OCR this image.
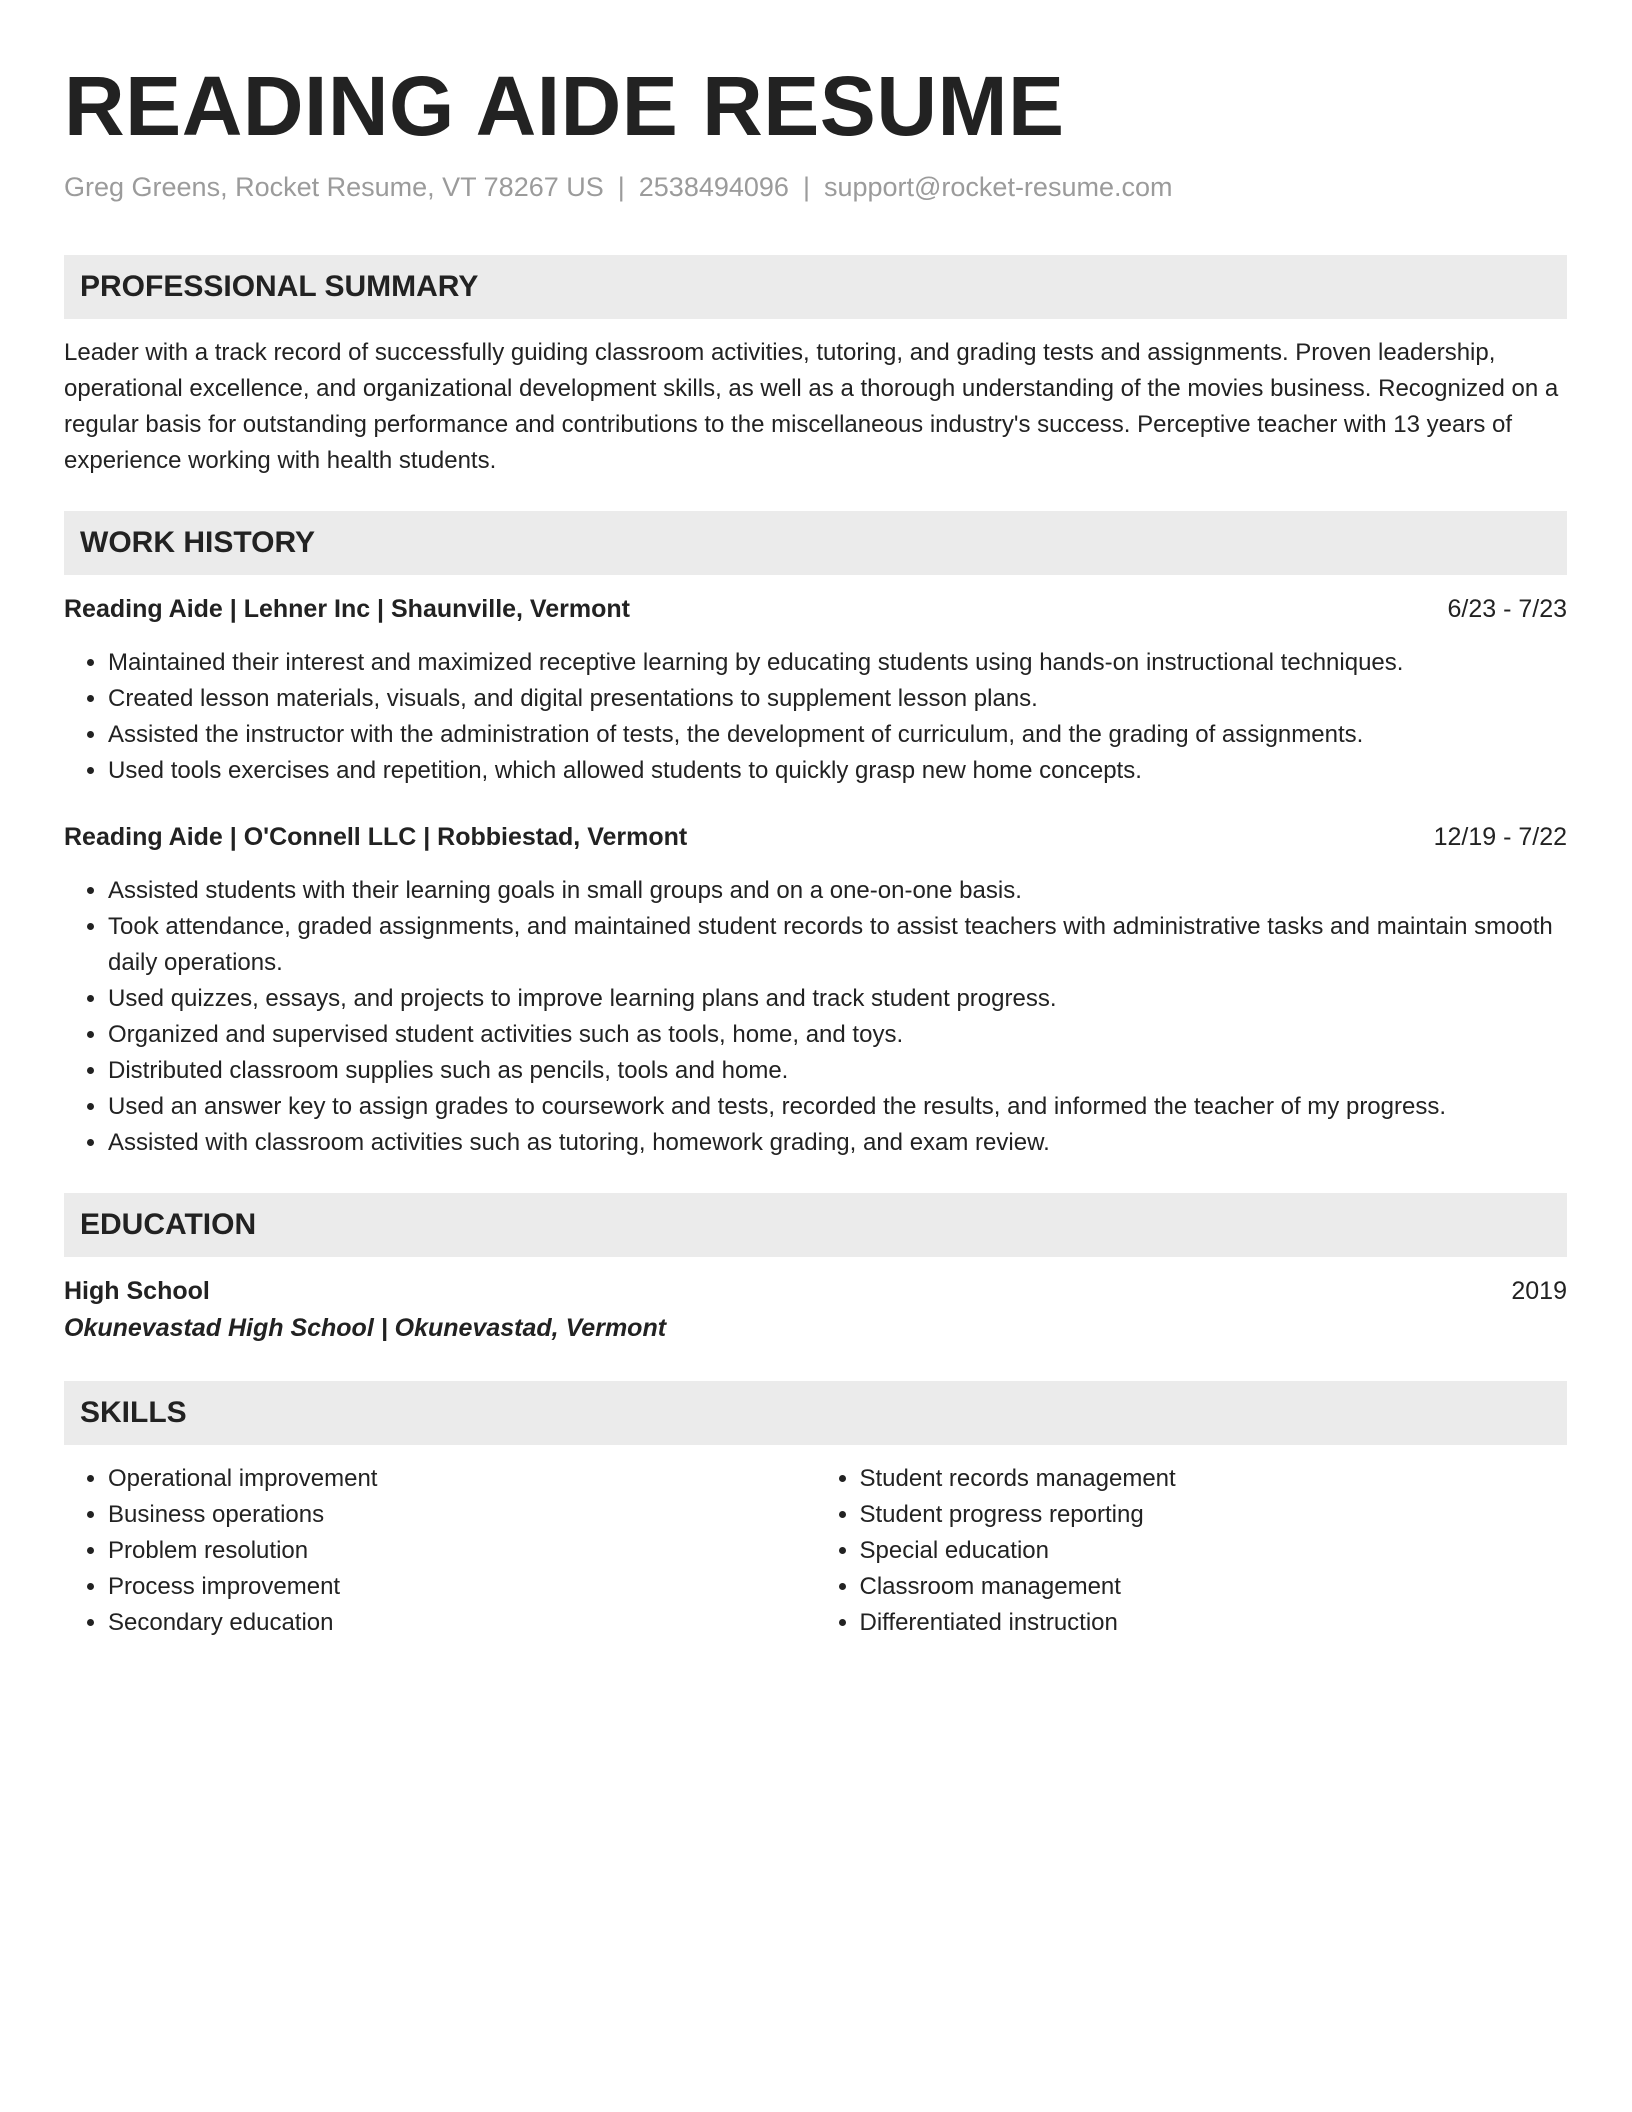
READING AIDE RESUME
Greg Greens, Rocket Resume, VT 78267 US | 2538494096 | support@rocket-resume.com
PROFESSIONAL SUMMARY
Leader with a track record of successfully guiding classroom activities, tutoring, and grading tests and assignments. Proven leadership, operational excellence, and organizational development skills, as well as a thorough understanding of the movies business. Recognized on a regular basis for outstanding performance and contributions to the miscellaneous industry's success. Perceptive teacher with 13 years of experience working with health students.
WORK HISTORY
Reading Aide | Lehner Inc | Shaunville, Vermont	6/23 - 7/23
• Maintained their interest and maximized receptive learning by educating students using hands-on instructional techniques.
• Created lesson materials, visuals, and digital presentations to supplement lesson plans.
• Assisted the instructor with the administration of tests, the development of curriculum, and the grading of assignments.
• Used tools exercises and repetition, which allowed students to quickly grasp new home concepts.
Reading Aide | O'Connell LLC | Robbiestad, Vermont	12/19 - 7/22
• Assisted students with their learning goals in small groups and on a one-on-one basis.
• Took attendance, graded assignments, and maintained student records to assist teachers with administrative tasks and maintain smooth daily operations.
• Used quizzes, essays, and projects to improve learning plans and track student progress.
• Organized and supervised student activities such as tools, home, and toys.
• Distributed classroom supplies such as pencils, tools and home.
• Used an answer key to assign grades to coursework and tests, recorded the results, and informed the teacher of my progress.
• Assisted with classroom activities such as tutoring, homework grading, and exam review.
EDUCATION
High School	2019
Okunevastad High School | Okunevastad, Vermont
SKILLS
• Operational improvement
• Business operations
• Problem resolution
• Process improvement
• Secondary education
• Student records management
• Student progress reporting
• Special education
• Classroom management
• Differentiated instruction
